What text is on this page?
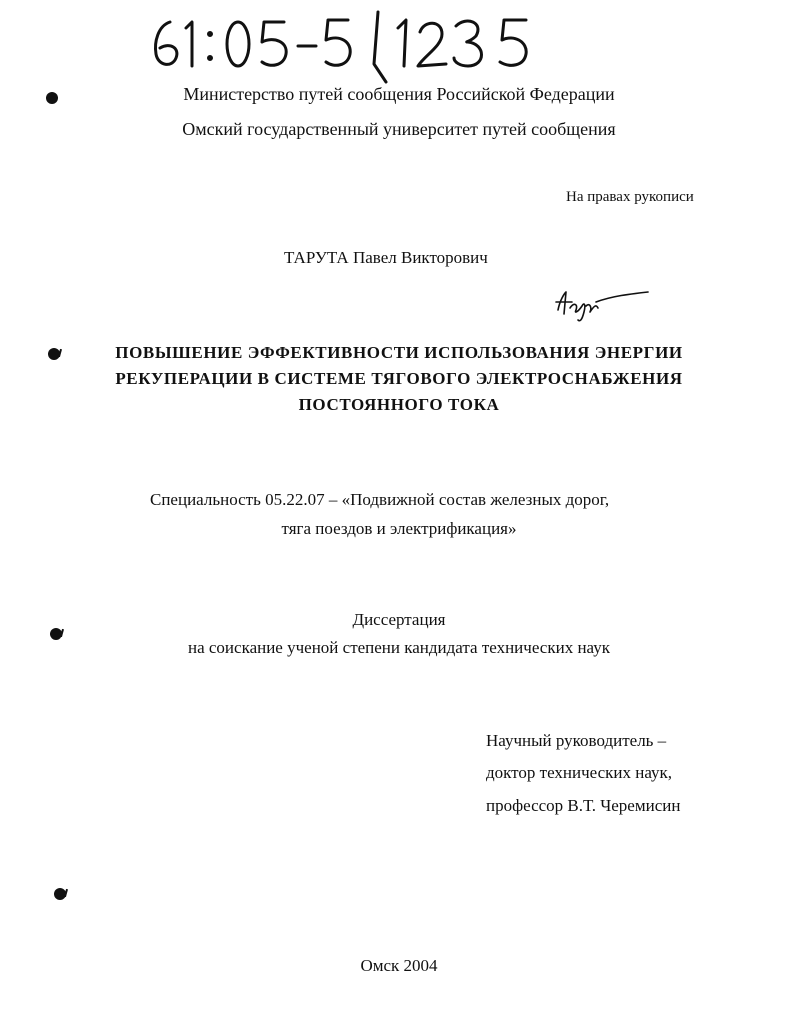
Министерство путей сообщения Российской Федерации
Омский государственный университет путей сообщения
На правах рукописи
ТАРУТА Павел Викторович
ПОВЫШЕНИЕ ЭФФЕКТИВНОСТИ ИСПОЛЬЗОВАНИЯ ЭНЕРГИИ
РЕКУПЕРАЦИИ В СИСТЕМЕ ТЯГОВОГО ЭЛЕКТРОСНАБЖЕНИЯ
ПОСТОЯННОГО ТОКА
Специальность 05.22.07 – «Подвижной состав железных дорог,
тяга поездов и электрификация»
Диссертация
на соискание ученой степени кандидата технических наук
Научный руководитель –
доктор технических наук,
профессор В.Т. Черемисин
Омск 2004
